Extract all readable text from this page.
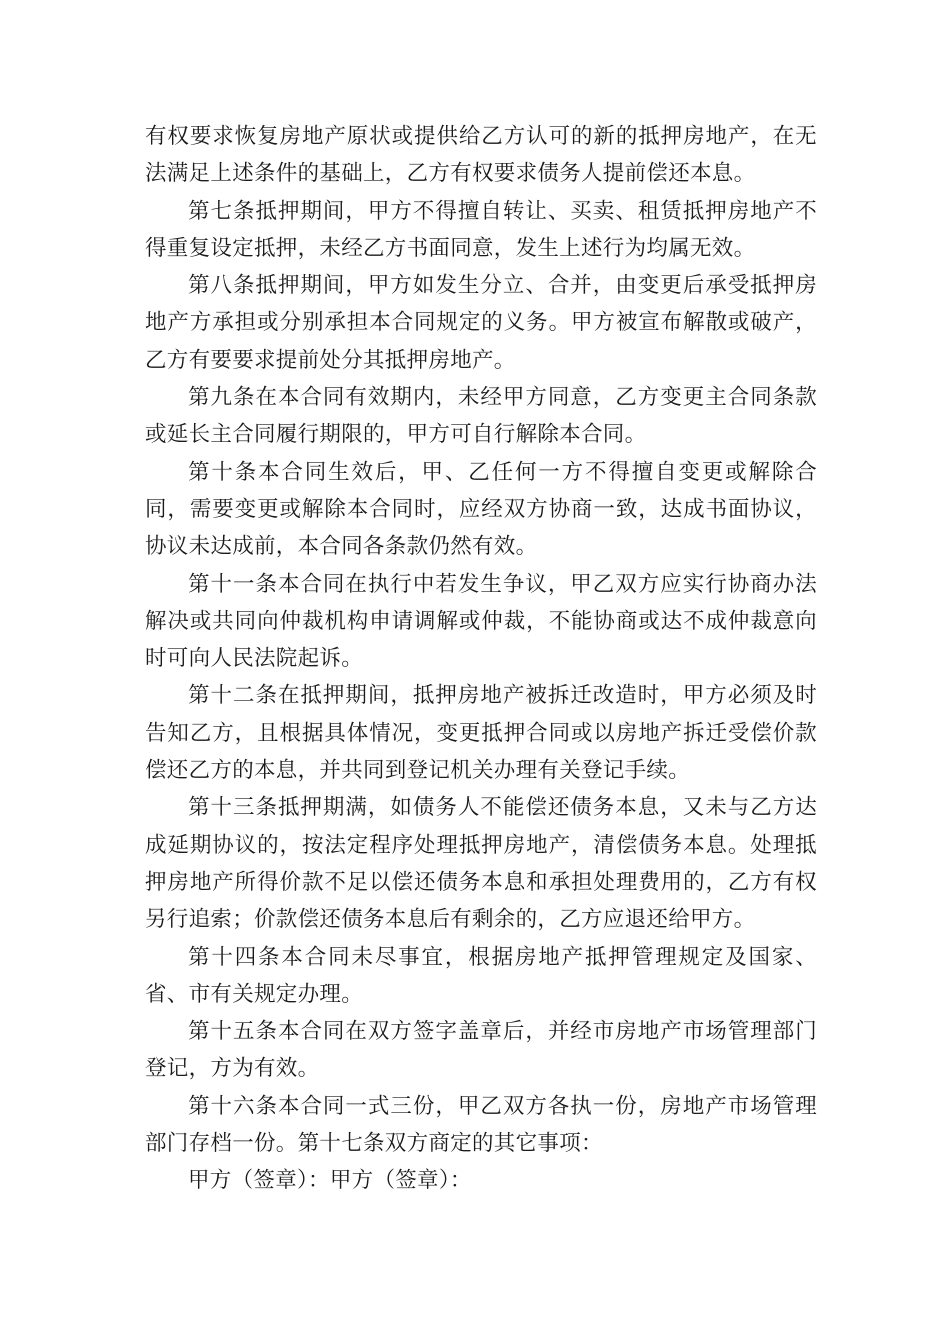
有权要求恢复房地产原状或提供给乙方认可的新的抵押房地产，在无法满足上述条件的基础上，乙方有权要求债务人提前偿还本息。

第七条抵押期间，甲方不得擅自转让、买卖、租赁抵押房地产不得重复设定抵押，未经乙方书面同意，发生上述行为均属无效。

第八条抵押期间，甲方如发生分立、合并，由变更后承受抵押房地产方承担或分别承担本合同规定的义务。甲方被宣布解散或破产，乙方有要要求提前处分其抵押房地产。

第九条在本合同有效期内，未经甲方同意，乙方变更主合同条款或延长主合同履行期限的，甲方可自行解除本合同。

第十条本合同生效后，甲、乙任何一方不得擅自变更或解除合同，需要变更或解除本合同时，应经双方协商一致，达成书面协议，协议未达成前，本合同各条款仍然有效。

第十一条本合同在执行中若发生争议，甲乙双方应实行协商办法解决或共同向仲裁机构申请调解或仲裁，不能协商或达不成仲裁意向时可向人民法院起诉。

第十二条在抵押期间，抵押房地产被拆迁改造时，甲方必须及时告知乙方，且根据具体情况，变更抵押合同或以房地产拆迁受偿价款偿还乙方的本息，并共同到登记机关办理有关登记手续。

第十三条抵押期满，如债务人不能偿还债务本息，又未与乙方达成延期协议的，按法定程序处理抵押房地产，清偿债务本息。处理抵押房地产所得价款不足以偿还债务本息和承担处理费用的，乙方有权另行追索；价款偿还债务本息后有剩余的，乙方应退还给甲方。

第十四条本合同未尽事宜，根据房地产抵押管理规定及国家、省、市有关规定办理。

第十五条本合同在双方签字盖章后，并经市房地产市场管理部门登记，方为有效。

第十六条本合同一式三份，甲乙双方各执一份，房地产市场管理部门存档一份。第十七条双方商定的其它事项：

甲方（签章）：甲方（签章）：
